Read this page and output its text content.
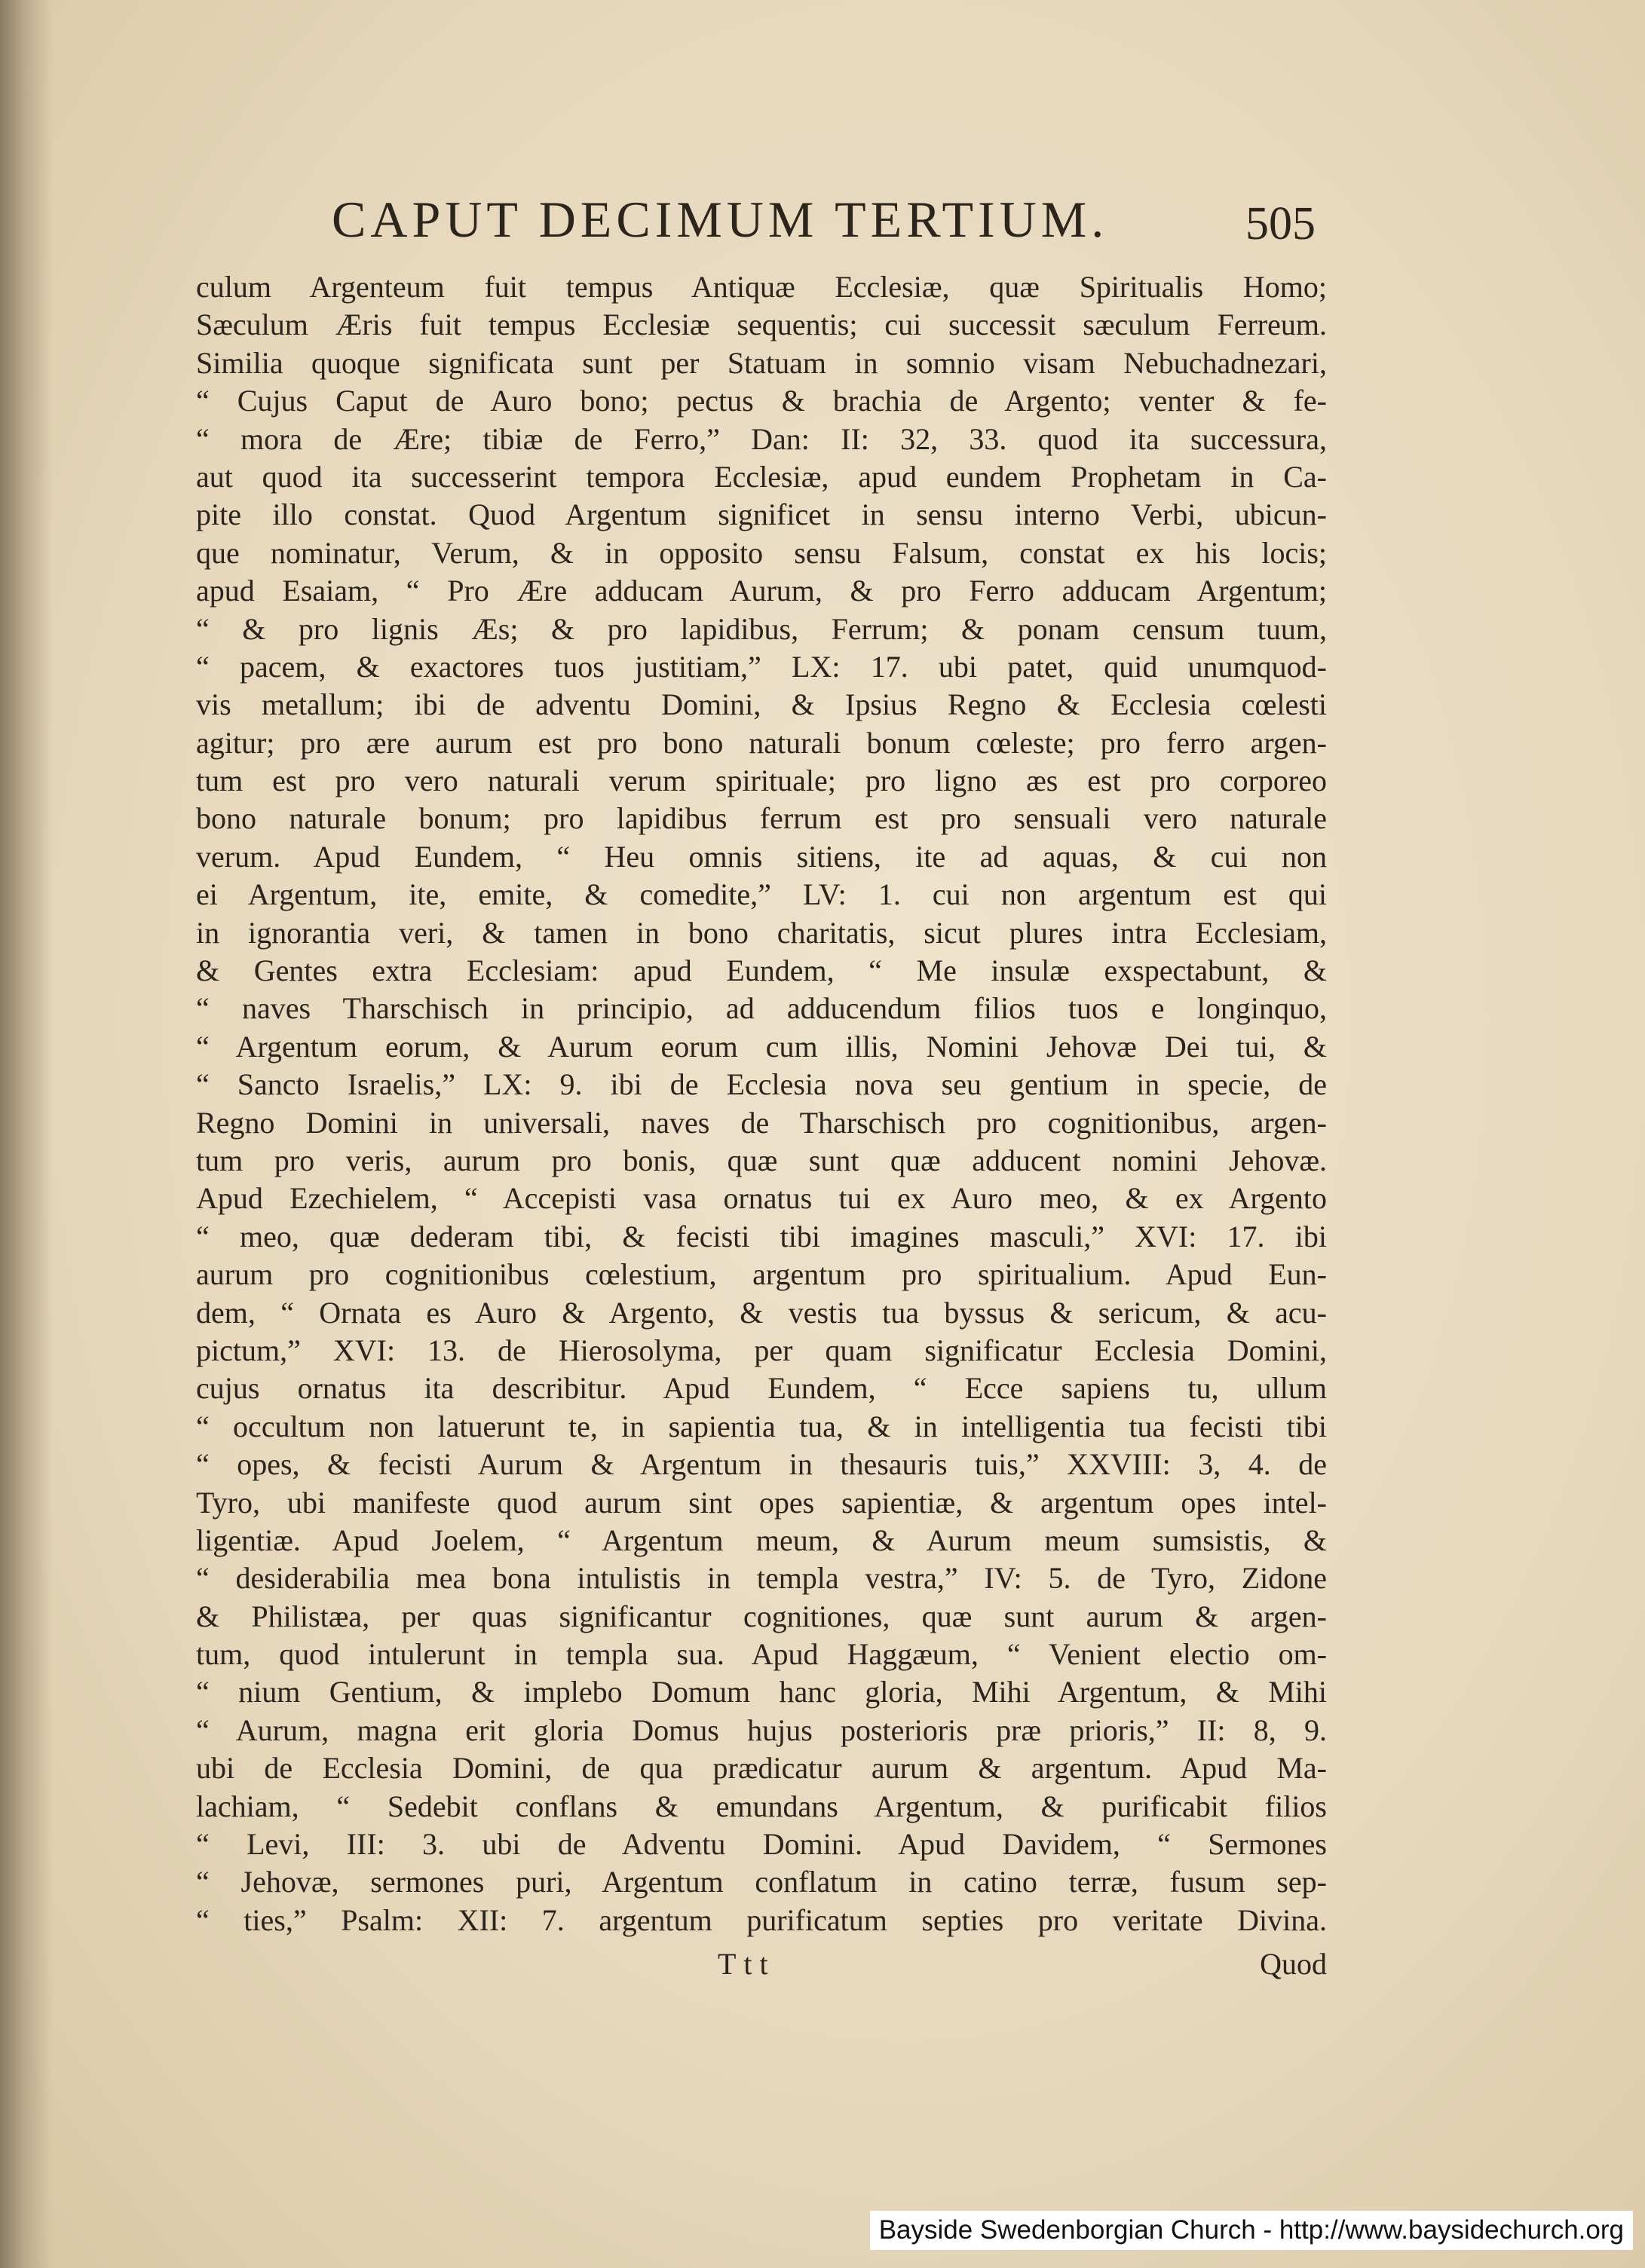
CAPUT DECIMUM TERTIUM.	505
culum Argenteum fuit tempus Antiquæ Ecclesiæ, quæ Spiritualis Homo;
Sæculum Æris fuit tempus Ecclesiæ sequentis; cui successit sæculum Ferreum.
Similia quoque significata sunt per Statuam in somnio visam Nebuchadnezari,
“ Cujus Caput de Auro bono; pectus & brachia de Argento; venter & fe-
“ mora de Ære; tibiæ de Ferro,” Dan: II: 32, 33. quod ita successura,
aut quod ita successerint tempora Ecclesiæ, apud eundem Prophetam in Ca-
pite illo constat. Quod Argentum significet in sensu interno Verbi, ubicun-
que nominatur, Verum, & in opposito sensu Falsum, constat ex his locis;
apud Esaiam, “ Pro Ære adducam Aurum, & pro Ferro adducam Argentum;
“ & pro lignis Æs; & pro lapidibus, Ferrum; & ponam censum tuum,
“ pacem, & exactores tuos justitiam,” LX: 17. ubi patet, quid unumquod-
vis metallum; ibi de adventu Domini, & Ipsius Regno & Ecclesia cœlesti
agitur; pro ære aurum est pro bono naturali bonum cœleste; pro ferro argen-
tum est pro vero naturali verum spirituale; pro ligno æs est pro corporeo
bono naturale bonum; pro lapidibus ferrum est pro sensuali vero naturale
verum. Apud Eundem, “ Heu omnis sitiens, ite ad aquas, & cui non
ei Argentum, ite, emite, & comedite,” LV: 1. cui non argentum est qui
in ignorantia veri, & tamen in bono charitatis, sicut plures intra Ecclesiam,
& Gentes extra Ecclesiam: apud Eundem, “ Me insulæ exspectabunt, &
“ naves Tharschisch in principio, ad adducendum filios tuos e longinquo,
“ Argentum eorum, & Aurum eorum cum illis, Nomini Jehovæ Dei tui, &
“ Sancto Israelis,” LX: 9. ibi de Ecclesia nova seu gentium in specie, de
Regno Domini in universali, naves de Tharschisch pro cognitionibus, argen-
tum pro veris, aurum pro bonis, quæ sunt quæ adducent nomini Jehovæ.
Apud Ezechielem, “ Accepisti vasa ornatus tui ex Auro meo, & ex Argento
“ meo, quæ dederam tibi, & fecisti tibi imagines masculi,” XVI: 17. ibi
aurum pro cognitionibus cœlestium, argentum pro spiritualium. Apud Eun-
dem, “ Ornata es Auro & Argento, & vestis tua byssus & sericum, & acu-
pictum,” XVI: 13. de Hierosolyma, per quam significatur Ecclesia Domini,
cujus ornatus ita describitur. Apud Eundem, “ Ecce sapiens tu, ullum
“ occultum non latuerunt te, in sapientia tua, & in intelligentia tua fecisti tibi
“ opes, & fecisti Aurum & Argentum in thesauris tuis,” XXVIII: 3, 4. de
Tyro, ubi manifeste quod aurum sint opes sapientiæ, & argentum opes intel-
ligentiæ. Apud Joelem, “ Argentum meum, & Aurum meum sumsistis, &
“ desiderabilia mea bona intulistis in templa vestra,” IV: 5. de Tyro, Zidone
& Philistæa, per quas significantur cognitiones, quæ sunt aurum & argen-
tum, quod intulerunt in templa sua. Apud Haggæum, “ Venient electio om-
“ nium Gentium, & implebo Domum hanc gloria, Mihi Argentum, & Mihi
“ Aurum, magna erit gloria Domus hujus posterioris præ prioris,” II: 8, 9.
ubi de Ecclesia Domini, de qua prædicatur aurum & argentum. Apud Ma-
lachiam, “ Sedebit conflans & emundans Argentum, & purificabit filios
“ Levi, III: 3. ubi de Adventu Domini. Apud Davidem, “ Sermones
“ Jehovæ, sermones puri, Argentum conflatum in catino terræ, fusum sep-
“ ties,” Psalm: XII: 7. argentum purificatum septies pro veritate Divina.
Ttt	Quod
Bayside Swedenborgian Church - http://www.baysidechurch.org
